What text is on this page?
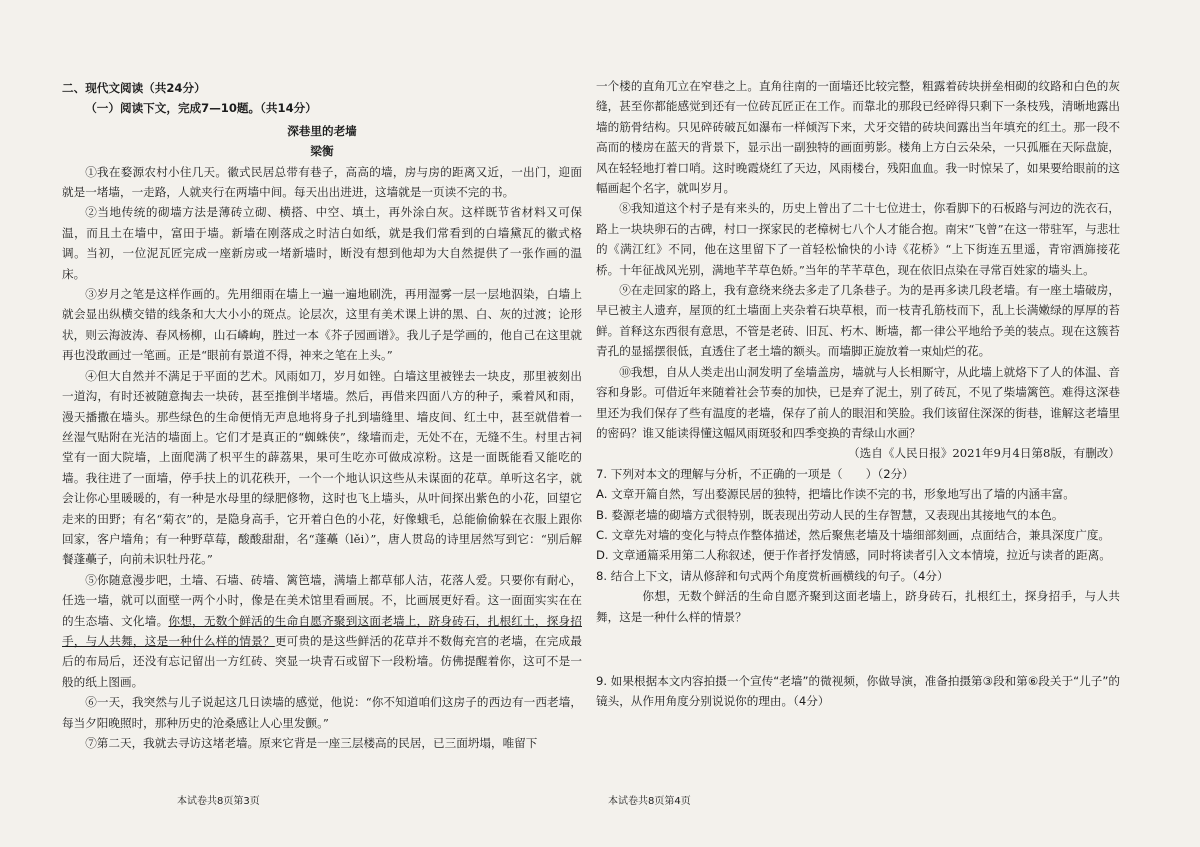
二、现代文阅读（共24分）

（一）阅读下文，完成7—10题。（共14分）

深巷里的老墙

梁衡

①我在婺源农村小住几天。徽式民居总带有巷子，高高的墙，房与房的距离又近，一出门，迎面就是一堵墙，一走路，人就夹行在两墙中间。每天出出进进，这墙就是一页读不完的书。

②当地传统的砌墙方法是薄砖立砌、横搭、中空、填土，再外涂白灰。这样既节省材料又可保温，而且土在墙中，富田于墙。新墙在刚落成之时洁白如纸，就是我们常看到的白墙黛瓦的徽式格调。当初，一位泥瓦匠完成一座新房或一堵新墙时，断没有想到他却为大自然提供了一张作画的温床。

③岁月之笔是这样作画的。先用细雨在墙上一遍一遍地刷洗，再用湿雾一层一层地泅染，白墙上就会显出纵横交错的线条和大大小小的斑点。论层次，这里有美术课上讲的黑、白、灰的过渡；论形状，则云海波涛、春风杨柳，山石嶙峋，胜过一本《芥子园画谱》。我儿子是学画的，他自己在这里就再也没敢画过一笔画。正是“眼前有景道不得，神来之笔在上头。”

④但大自然并不满足于平面的艺术。风雨如刀，岁月如锉。白墙这里被锉去一块皮，那里被刻出一道沟，有时还被随意掏去一块砖，甚至推倒半堵墙。然后，再借来四面八方的种子，乘着风和雨，漫天播撒在墙头。那些绿色的生命便悄无声息地将身子扎到墙缝里、墙皮间、红土中，甚至就借着一丝湿气贴附在光洁的墙面上。它们才是真正的“蜘蛛侠”，缘墙而走，无处不在，无缝不生。村里古祠堂有一面大院墙，上面爬满了枳平生的薜荔果，果可生吃亦可做成凉粉。这是一面既能看又能吃的墙。我往进了一面墙，停手扶上的讥花秩开，一个一个地认识这些从未谋面的花草。单听这名字，就会让你心里暖暖的，有一种是水母里的绿肥修物，这时也飞上墙头，从叶间探出紫色的小花，回望它走来的田野；有名“菊衣”的，是隐身高手，它开着白色的小花，好像蛾毛，总能偷偷躲在衣服上跟你回家，客户墙角；有一种野草莓，酸酸甜甜，名“蓬蘽（lěi）”，唐人贯岛的诗里居然写到它：“别后解餐蓬蘽子，向前未识牡丹花。”

⑤你随意漫步吧，土墙、石墙、砖墙、篱笆墙，满墙上都草郁人洁，花落人爱。只要你有耐心，任选一墙，就可以面壁一两个小时，像是在美术馆里看画展。不，比画展更好看。这一面面实实在在的生态墙、文化墙。你想，无数个鲜活的生命自愿齐聚到这面老墙上，跻身砖石，扎根红土，探身招手，与人共舞，这是一种什么样的情景？更可贵的是这些鲜活的花草并不数侮充宫的老墙，在完成最后的布局后，还没有忘记留出一方红砖、突显一块青石或留下一段粉墙。仿佛提醒着你，这可不是一般的纸上图画。

⑥一天，我突然与儿子说起这几日读墙的感觉，他说：“你不知道咱们这房子的西边有一西老墙，每当夕阳晚照时，那种历史的沧桑感让人心里发颤。”

⑦第二天，我就去寻访这堵老墙。原来它背是一座三层楼高的民居，已三面坍塌，唯留下

一个楼的直角兀立在窄巷之上。直角往南的一面墙还比较完整，粗露着砖块拼垒相砌的纹路和白色的灰缝，甚至你都能感觉到还有一位砖瓦匠正在工作。而靠北的那段已经碎得只剩下一条枝残，清晰地露出墙的筋骨结构。只见碎砖破瓦如瀑布一样倾泻下来，犬牙交错的砖块间露出当年填充的红土。那一段不高而的楼房在蓝天的背景下，显示出一副独特的画面剪影。楼角上方白云朵朵，一只孤雁在天际盘旋，风在轻轻地打着口哨。这时晚霞烧红了天边，风雨楼台，残阳血血。我一时惊呆了，如果要给眼前的这幅画起个名字，就叫岁月。

⑧我知道这个村子是有来头的，历史上曾出了二十七位进士，你看脚下的石板路与河边的洗衣石，路上一块块卵石的古碑，村口一探家民的老樟树七八个人才能合抱。南宋“飞曾”在这一带驻军，与悲壮的《满江红》不同，他在这里留下了一首轻松愉快的小诗《花桥》“上下街连五里遥，青帘酒旆接花桥。十年征战风光别，满地芊芊草色娇。”当年的芊芊草色，现在依旧点染在寻常百姓家的墙头上。

⑨在走回家的路上，我有意绕来绕去多走了几条巷子。为的是再多读几段老墙。有一座土墙破房，早已被主人遗弃，屋顶的红土墙面上夹杂着石块草根，而一枝青孔筋枝而下，乱上长满嫩绿的厚厚的苔鲜。首释这东西很有意思，不管是老砖、旧瓦、朽木、断墙，都一律公平地给予美的装点。现在这簇苔青孔的显摇摆很低，直透住了老土墙的额头。而墙脚正旋放着一束灿烂的花。

⑩我想，自从人类走出山洞发明了垒墙盖房，墙就与人长相厮守，从此墙上就烙下了人的体温、音容和身影。可借近年来随着社会节奏的加快，已是弃了泥土，别了砖瓦，不见了柴墙篱笆。难得这深巷里还为我们保存了些有温度的老墙，保存了前人的眼泪和笑脸。我们该留住深深的街巷，谁解这老墙里的密码？谁又能读得懂这幅风雨斑驳和四季变换的青绿山水画？

（选自《人民日报》2021年9月4日第8版，有删改）

7. 下列对本文的理解与分析，不正确的一项是（　　）（2分）

A. 文章开篇自然，写出婺源民居的独特，把墙比作读不完的书，形象地写出了墙的内涵丰富。

B. 婺源老墙的砌墙方式很特别，既表现出劳动人民的生存智慧，又表现出其接地气的本色。

C. 文章先对墙的变化与特点作整体描述，然后聚焦老墙及十墙细部刻画，点面结合，兼具深度广度。

D. 文章通篇采用第二人称叙述，便于作者抒发情感，同时将读者引入文本情境，拉近与读者的距离。

8. 结合上下文，请从修辞和句式两个角度赏析画横线的句子。（4分）

你想，无数个鲜活的生命自愿齐聚到这面老墙上，跻身砖石，扎根红土，探身招手，与人共舞，这是一种什么样的情景？

9. 如果根据本文内容拍摄一个宣传“老墙”的微视频，你做导演，准备拍摄第③段和第⑥段关于“儿子”的镜头，从作用角度分别说说你的理由。（4分）

本试卷共8页第3页	本试卷共8页第4页
